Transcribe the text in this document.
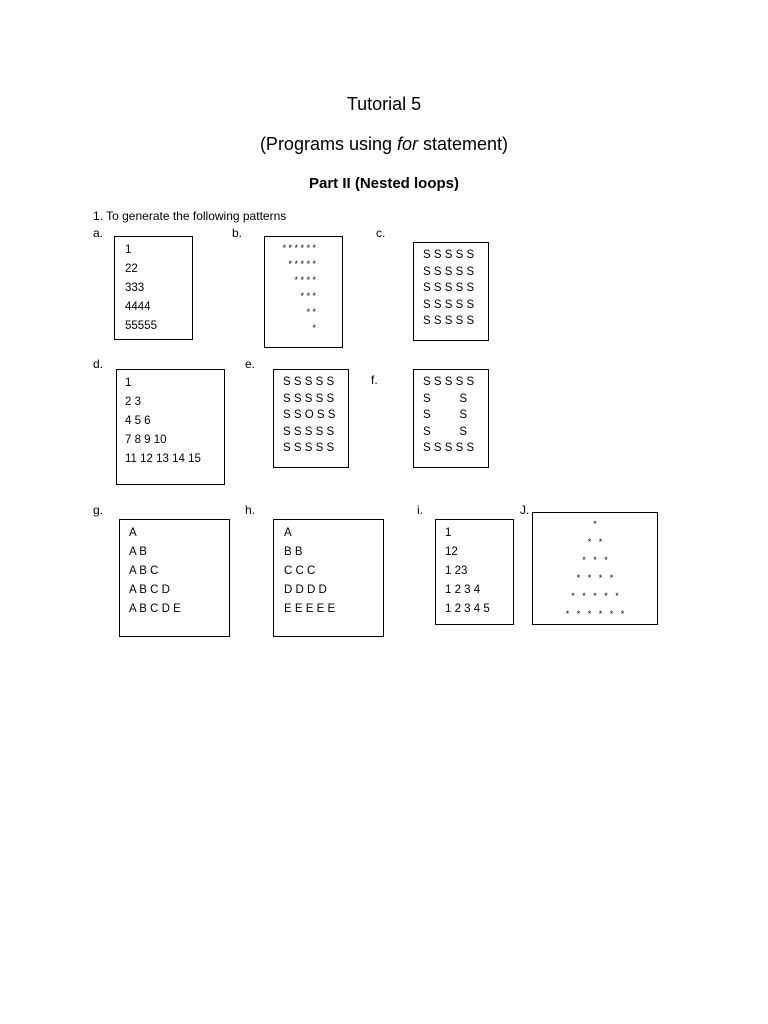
Tutorial 5
(Programs using for statement)
Part II (Nested loops)
1. To generate the following patterns
a.
1
22
333
4444
55555
b.
* * * * * *
* * * * *
* * * *
* * *
* *
*
c.
S S S S S
S S S S S
S S S S S
S S S S S
S S S S S
d.
1
2 3
4 5 6
7 8 9 10
11 12 13 14 15
e.
S S S S S
S S S S S
S S O S S
S S S S S
S S S S S
f.	S S S S S
S         S
S         S
S         S
S S S S S
g.
A
A B
A B C
A B C D
A B C D E
h.
A
B B
C C C
D D D D
E E E E E
i.
1
12
1 23
1 2 3 4
1 2 3 4 5
J.
*
*   *
*   *   *
*   *   *   *
*   *   *   *   *
*   *   *   *   *   *
